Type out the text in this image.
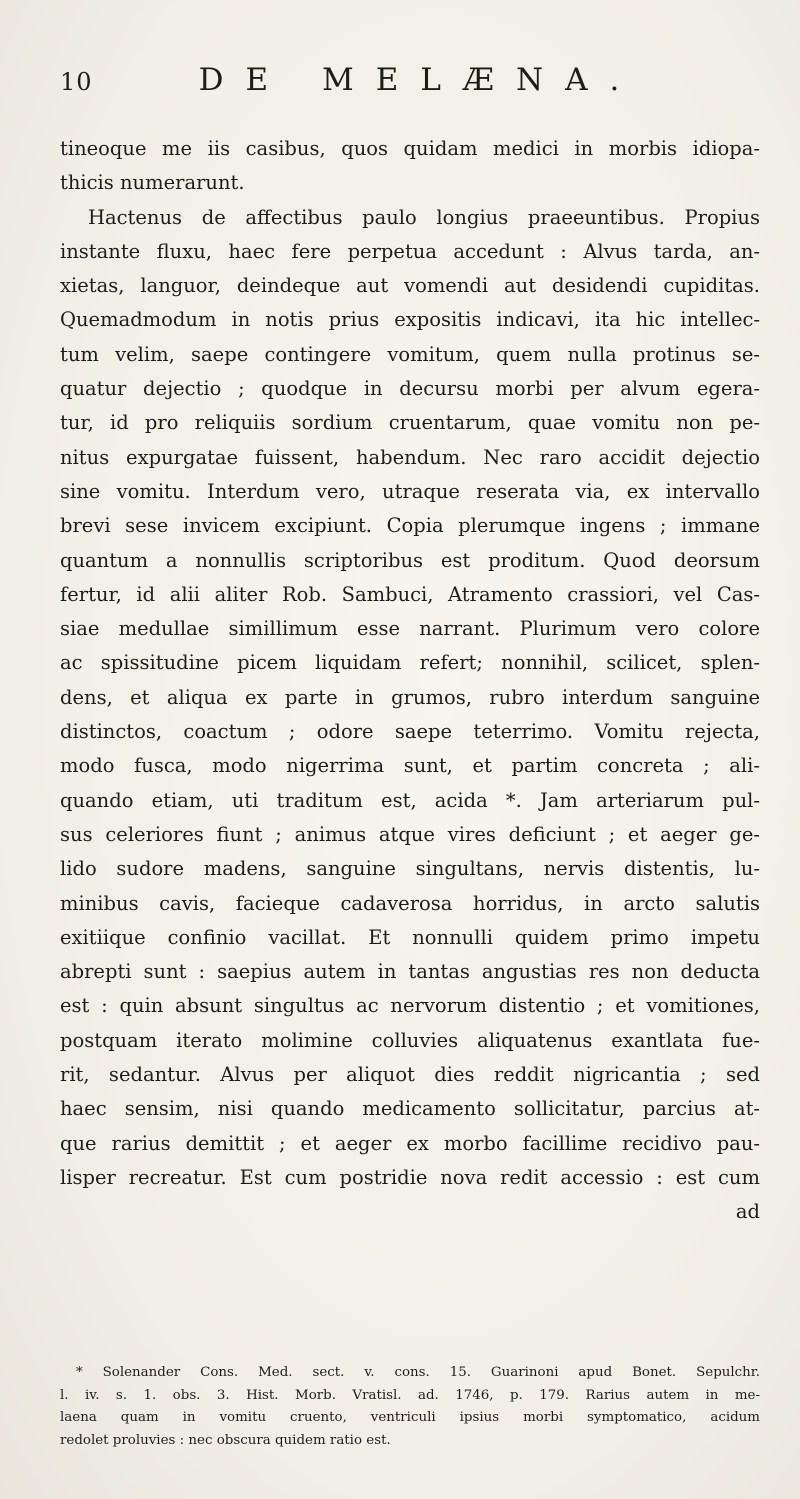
10	DE MELÆNA.
tineoque me iis casibus, quos quidam medici in morbis idiopa-
thicis numerarunt.
Hactenus de affectibus paulo longius praeeuntibus. Propius
instante fluxu, haec fere perpetua accedunt : Alvus tarda, an-
xietas, languor, deindeque aut vomendi aut desidendi cupiditas.
Quemadmodum in notis prius expositis indicavi, ita hic intellec-
tum velim, saepe contingere vomitum, quem nulla protinus se-
quatur dejectio ; quodque in decursu morbi per alvum egera-
tur, id pro reliquiis sordium cruentarum, quae vomitu non pe-
nitus expurgatae fuissent, habendum. Nec raro accidit dejectio
sine vomitu. Interdum vero, utraque reserata via, ex intervallo
brevi sese invicem excipiunt. Copia plerumque ingens ; immane
quantum a nonnullis scriptoribus est proditum. Quod deorsum
fertur, id alii aliter Rob. Sambuci, Atramento crassiori, vel Cas-
siae medullae simillimum esse narrant. Plurimum vero colore
ac spissitudine picem liquidam refert; nonnihil, scilicet, splen-
dens, et aliqua ex parte in grumos, rubro interdum sanguine
distinctos, coactum ; odore saepe teterrimo. Vomitu rejecta,
modo fusca, modo nigerrima sunt, et partim concreta ; ali-
quando etiam, uti traditum est, acida *. Jam arteriarum pul-
sus celeriores fiunt ; animus atque vires deficiunt ; et aeger ge-
lido sudore madens, sanguine singultans, nervis distentis, lu-
minibus cavis, facieque cadaverosa horridus, in arcto salutis
exitiique confinio vacillat. Et nonnulli quidem primo impetu
abrepti sunt : saepius autem in tantas angustias res non deducta
est : quin absunt singultus ac nervorum distentio ; et vomitiones,
postquam iterato molimine colluvies aliquatenus exantlata fue-
rit, sedantur. Alvus per aliquot dies reddit nigricantia ; sed
haec sensim, nisi quando medicamento sollicitatur, parcius at-
que rarius demittit ; et aeger ex morbo facillime recidivo pau-
lisper recreatur. Est cum postridie nova redit accessio : est cum
ad
* Solenander Cons. Med. sect. v. cons. 15. Guarinoni apud Bonet. Sepulchr.
l. iv. s. 1. obs. 3. Hist. Morb. Vratisl. ad. 1746, p. 179. Rarius autem in me-
laena quam in vomitu cruento, ventriculi ipsius morbi symptomatico, acidum
redolet proluvies : nec obscura quidem ratio est.
